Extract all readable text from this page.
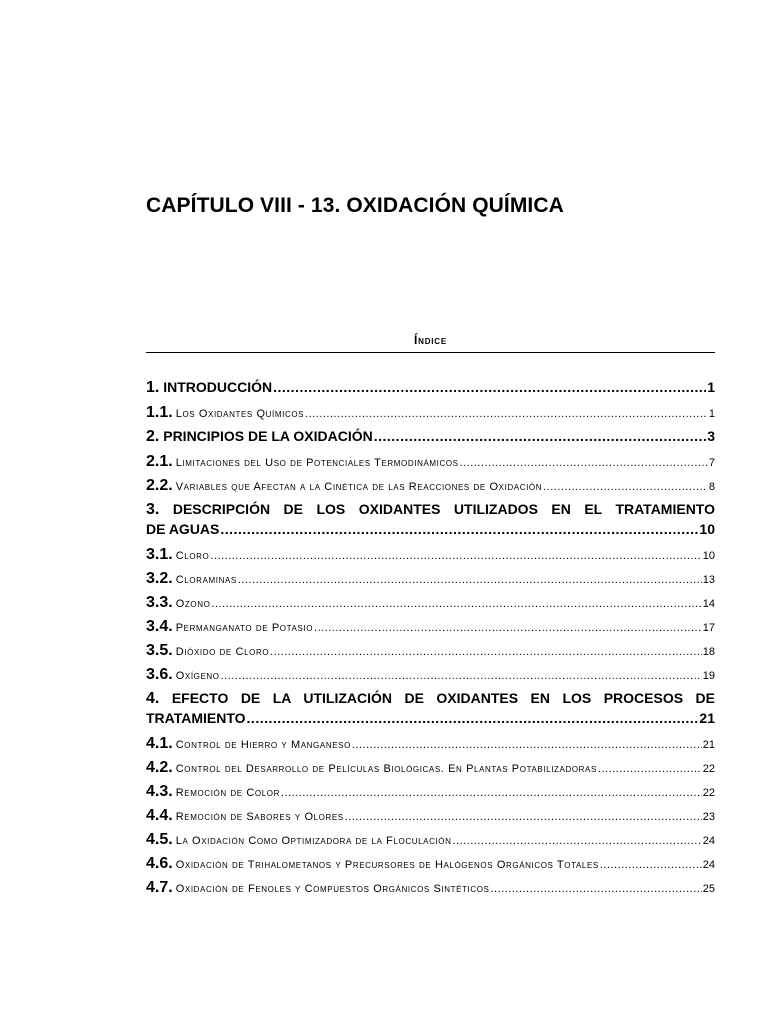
CAPÍTULO VIII - 13. OXIDACIÓN QUÍMICA
Índice
1. INTRODUCCIÓN .....	1
1.1. Los Oxidantes Químicos .....	1
2. PRINCIPIOS DE LA OXIDACIÓN .....	3
2.1. Limitaciones del Uso de Potenciales Termodinámicos .....	7
2.2. Variables que Afectan a la Cinética de las Reacciones de Oxidación .....	8
3. DESCRIPCIÓN DE LOS OXIDANTES UTILIZADOS EN EL TRATAMIENTO
DE AGUAS .....	10
3.1. Cloro .....	10
3.2. Cloraminas .....	13
3.3. Ozono .....	14
3.4. Permanganato de Potasio .....	17
3.5. Dióxido de Cloro .....	18
3.6. Oxígeno .....	19
4. EFECTO DE LA UTILIZACIÓN DE OXIDANTES EN LOS PROCESOS DE
TRATAMIENTO .....	21
4.1. Control de Hierro y Manganeso .....	21
4.2. Control del Desarrollo de Películas Biológicas. En Plantas Potabilizadoras .....	22
4.3. Remoción de Color .....	22
4.4. Remoción de Sabores y Olores .....	23
4.5. La Oxidación Como Optimizadora de la Floculación .....	24
4.6. Oxidación de Trihalometanos y Precursores de Halógenos Orgánicos Totales .....	24
4.7. Oxidación de Fenoles y Compuestos Orgánicos Sintéticos .....	25
